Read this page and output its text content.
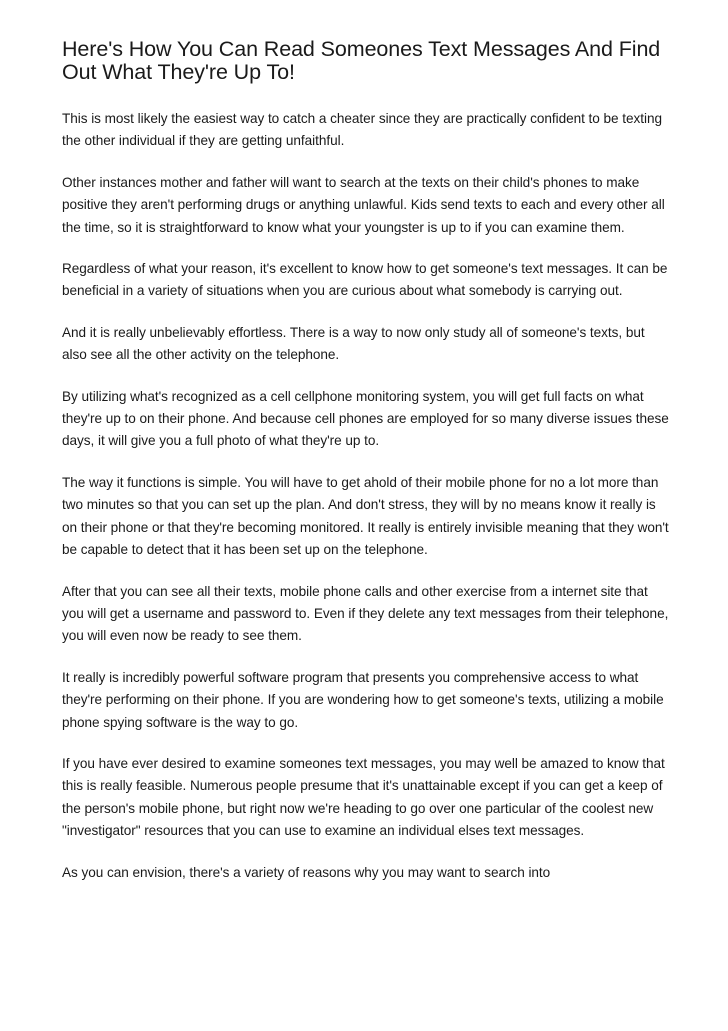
Here's How You Can Read Someones Text Messages And Find Out What They're Up To!

This is most likely the easiest way to catch a cheater since they are practically confident to be texting the other individual if they are getting unfaithful.

Other instances mother and father will want to search at the texts on their child's phones to make positive they aren't performing drugs or anything unlawful. Kids send texts to each and every other all the time, so it is straightforward to know what your youngster is up to if you can examine them.

Regardless of what your reason, it's excellent to know how to get someone's text messages. It can be beneficial in a variety of situations when you are curious about what somebody is carrying out.

And it is really unbelievably effortless. There is a way to now only study all of someone's texts, but also see all the other activity on the telephone.

By utilizing what's recognized as a cell cellphone monitoring system, you will get full facts on what they're up to on their phone. And because cell phones are employed for so many diverse issues these days, it will give you a full photo of what they're up to.

The way it functions is simple. You will have to get ahold of their mobile phone for no a lot more than two minutes so that you can set up the plan. And don't stress, they will by no means know it really is on their phone or that they're becoming monitored. It really is entirely invisible meaning that they won't be capable to detect that it has been set up on the telephone.

After that you can see all their texts, mobile phone calls and other exercise from a internet site that you will get a username and password to. Even if they delete any text messages from their telephone, you will even now be ready to see them.

It really is incredibly powerful software program that presents you comprehensive access to what they're performing on their phone. If you are wondering how to get someone's texts, utilizing a mobile phone spying software is the way to go.

If you have ever desired to examine someones text messages, you may well be amazed to know that this is really feasible. Numerous people presume that it's unattainable except if you can get a keep of the person's mobile phone, but right now we're heading to go over one particular of the coolest new "investigator" resources that you can use to examine an individual elses text messages.

As you can envision, there's a variety of reasons why you may want to search into
